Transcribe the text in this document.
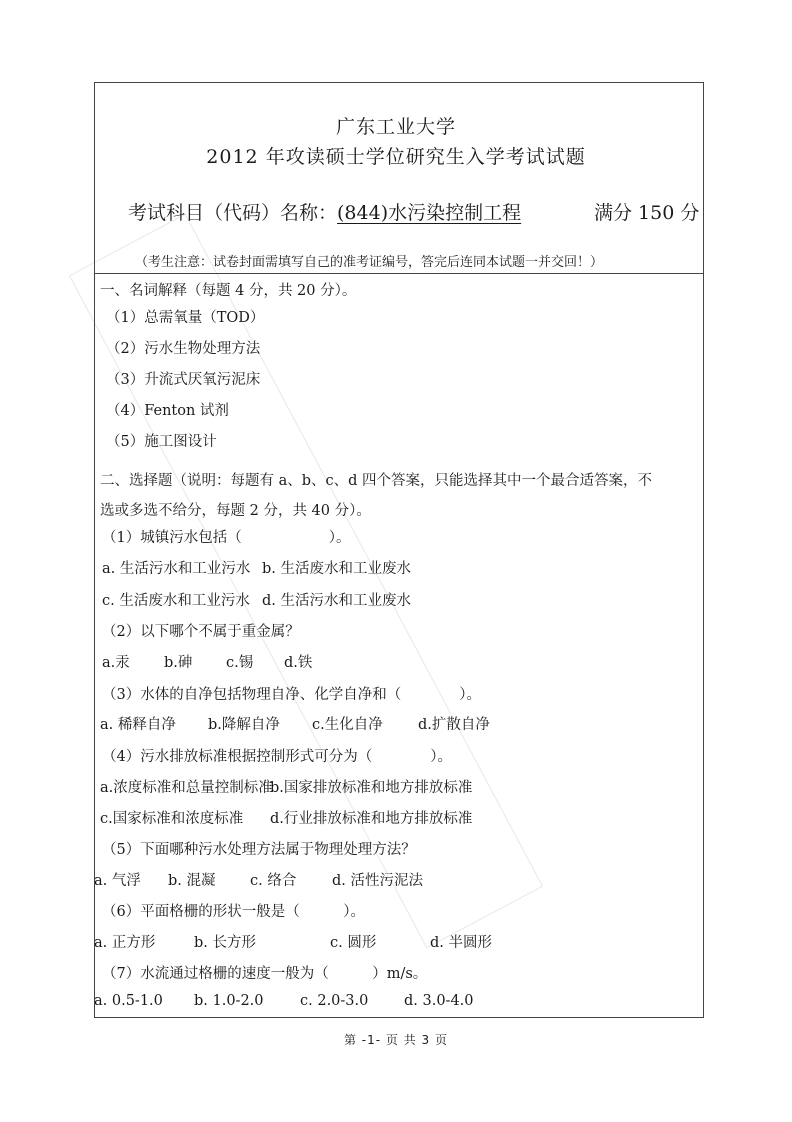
广东工业大学
2012 年攻读硕士学位研究生入学考试试题
考试科目（代码）名称：(844)水污染控制工程	满分 150 分
（考生注意：试卷封面需填写自己的准考证编号，答完后连同本试题一并交回！）
一、名词解释（每题 4 分，共 20 分）。
（1）总需氧量（TOD）
（2）污水生物处理方法
（3）升流式厌氧污泥床
（4）Fenton 试剂
（5）施工图设计
二、选择题（说明：每题有 a、b、c、d 四个答案，只能选择其中一个最合适答案，不
选或多选不给分，每题 2 分，共 40 分）。
（1）城镇污水包括（　　　　　　）。
a. 生活污水和工业污水 b. 生活废水和工业废水
c. 生活废水和工业污水 d. 生活污水和工业废水
（2）以下哪个不属于重金属？
a.汞 b.砷 c.锡 d.铁
（3）水体的自净包括物理自净、化学自净和（　　　　）。
a. 稀释自净 b.降解自净 c.生化自净 d.扩散自净
（4）污水排放标准根据控制形式可分为（　　　　）。
a.浓度标准和总量控制标准
b.国家排放标准和地方排放标准
c.国家标准和浓度标准 d.行业排放标准和地方排放标准
（5）下面哪种污水处理方法属于物理处理方法？
a. 气浮 b. 混凝 c. 络合 d. 活性污泥法
（6）平面格栅的形状一般是（　　　）。
a. 正方形	b. 长方形	c. 圆形	d. 半圆形
（7）水流通过格栅的速度一般为（　　　）m/s。
a. 0.5-1.0 b. 1.0-2.0	c. 2.0-3.0 d. 3.0-4.0
第 -1- 页 共 3 页
